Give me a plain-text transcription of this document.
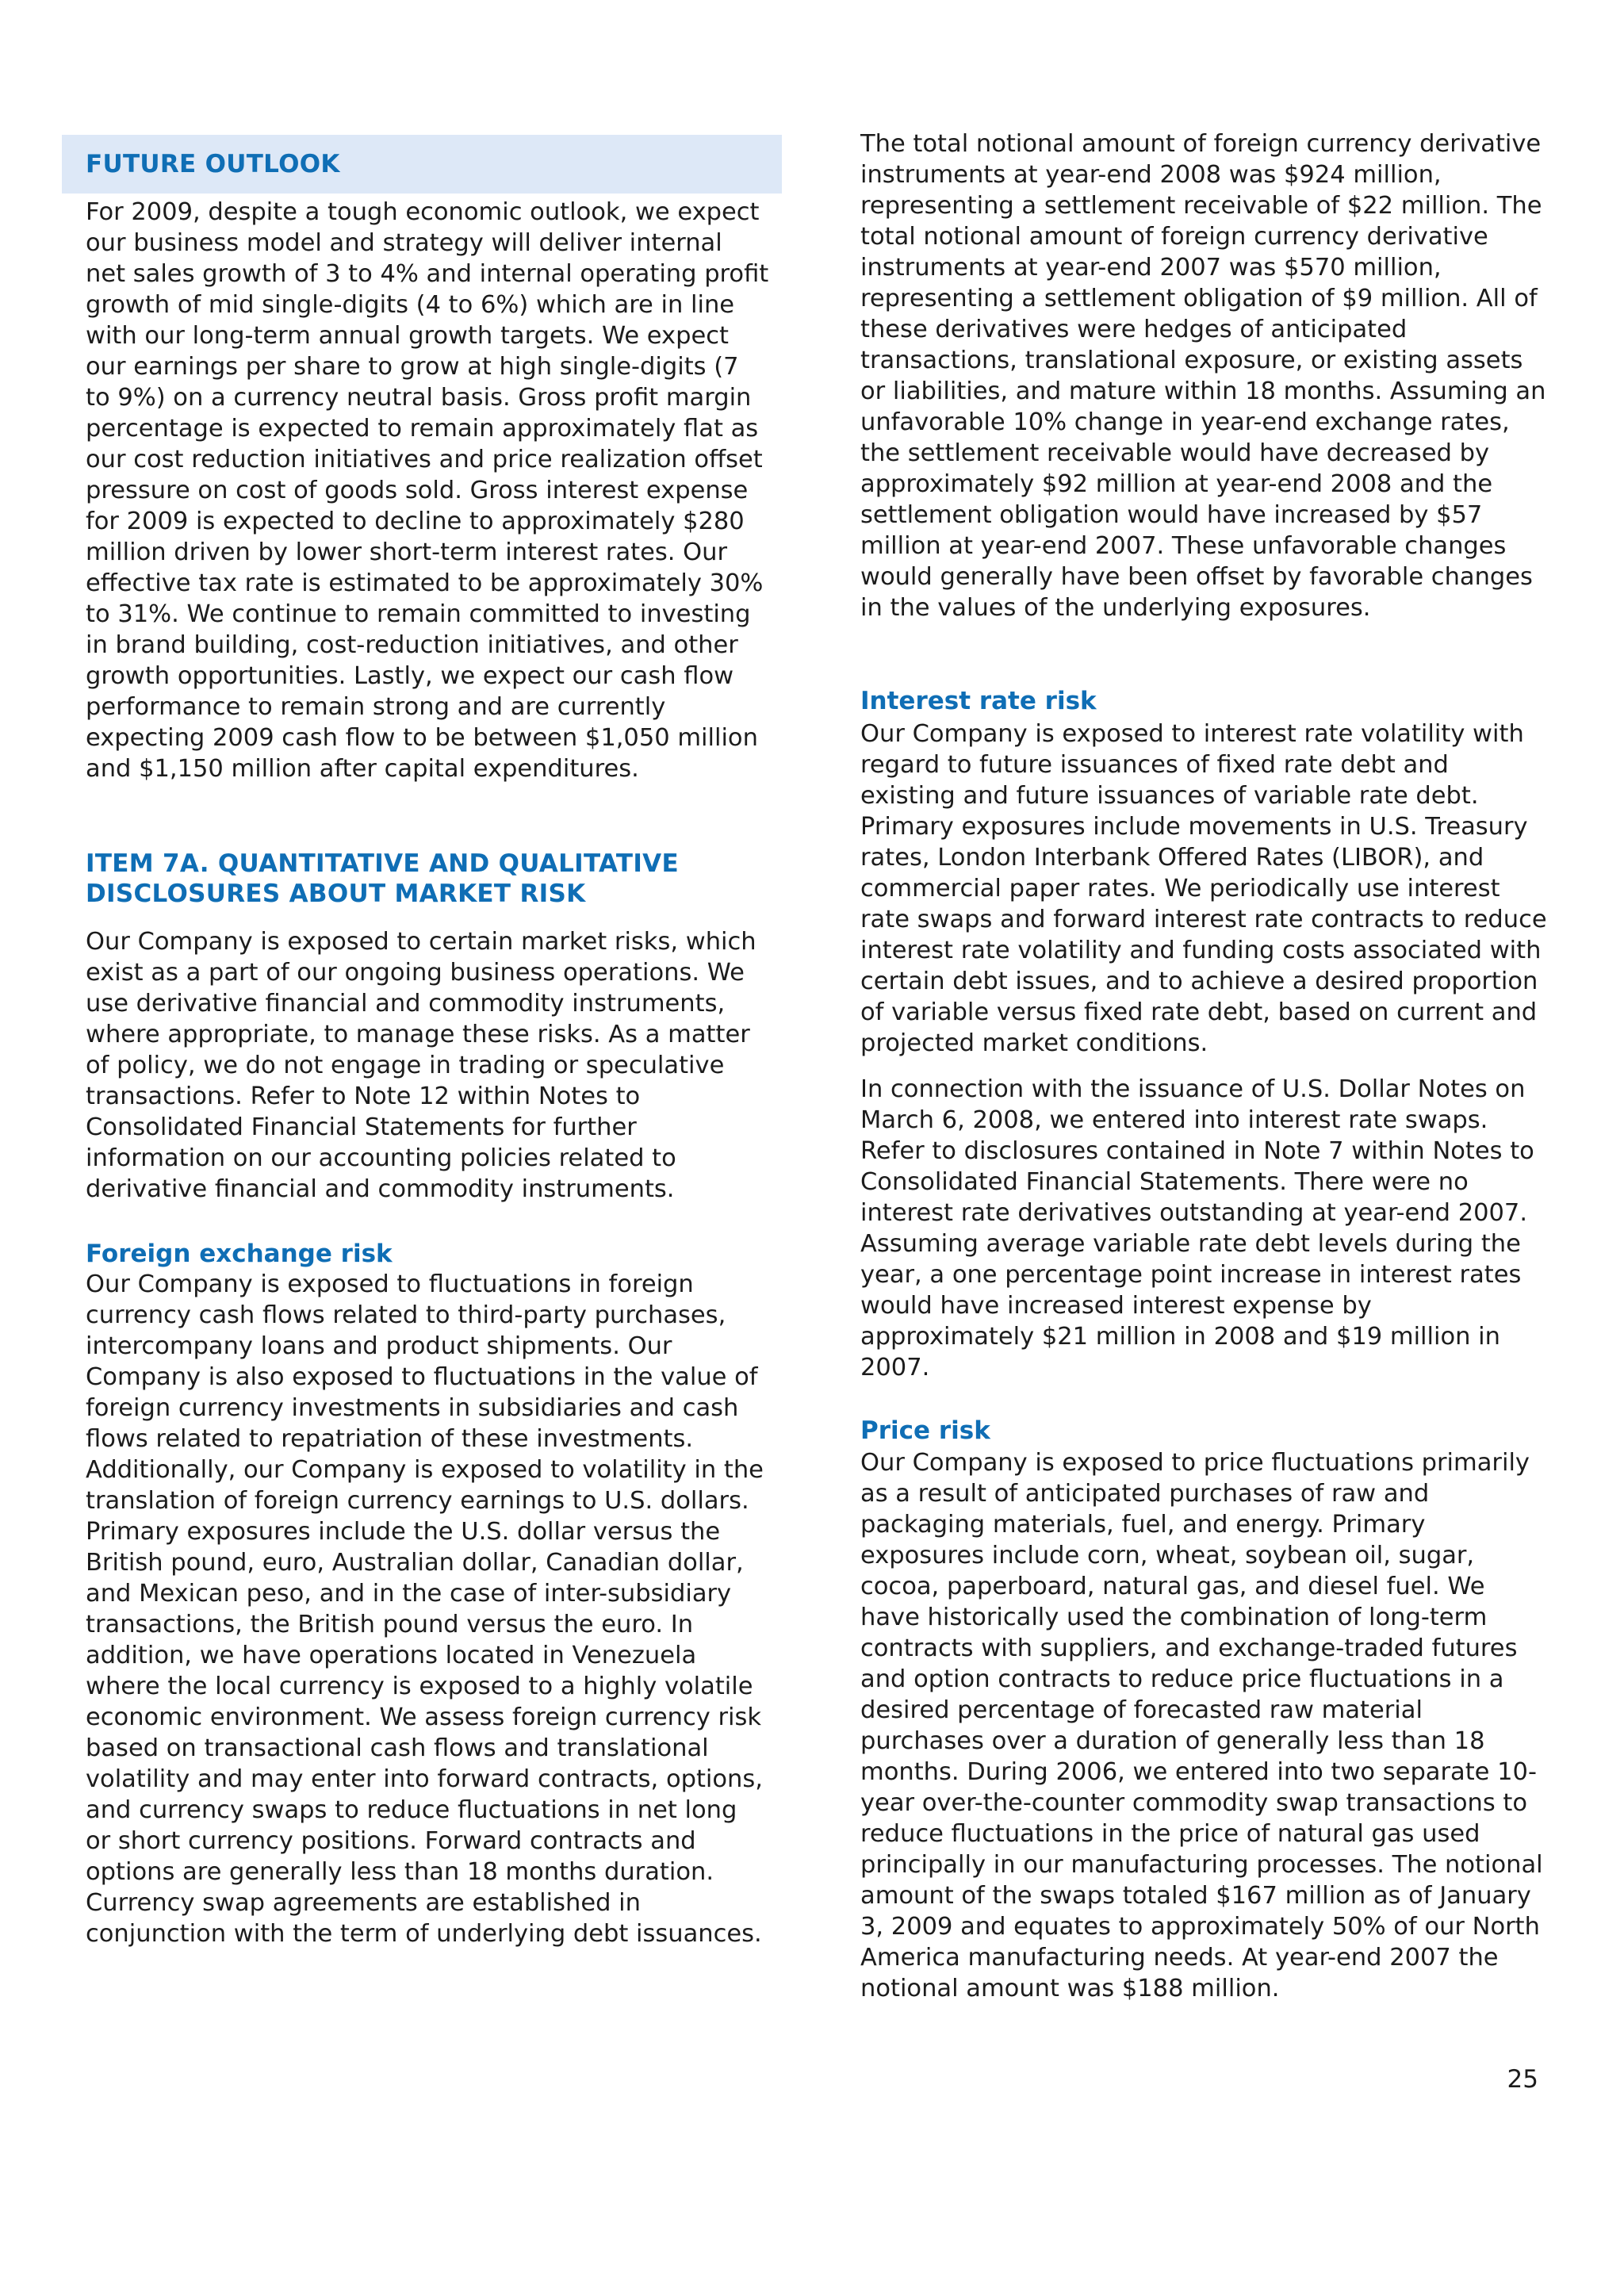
FUTURE OUTLOOK

For 2009, despite a tough economic outlook, we expect our business model and strategy will deliver internal net sales growth of 3 to 4% and internal operating profit growth of mid single-digits (4 to 6%) which are in line with our long-term annual growth targets. We expect our earnings per share to grow at high single-digits (7 to 9%) on a currency neutral basis. Gross profit margin percentage is expected to remain approximately flat as our cost reduction initiatives and price realization offset pressure on cost of goods sold. Gross interest expense for 2009 is expected to decline to approximately $280 million driven by lower short-term interest rates. Our effective tax rate is estimated to be approximately 30% to 31%. We continue to remain committed to investing in brand building, cost-reduction initiatives, and other growth opportunities. Lastly, we expect our cash flow performance to remain strong and are currently expecting 2009 cash flow to be between $1,050 million and $1,150 million after capital expenditures.

ITEM 7A. QUANTITATIVE AND QUALITATIVE
DISCLOSURES ABOUT MARKET RISK

Our Company is exposed to certain market risks, which exist as a part of our ongoing business operations. We use derivative financial and commodity instruments, where appropriate, to manage these risks. As a matter of policy, we do not engage in trading or speculative transactions. Refer to Note 12 within Notes to Consolidated Financial Statements for further information on our accounting policies related to derivative financial and commodity instruments.

Foreign exchange risk

Our Company is exposed to fluctuations in foreign currency cash flows related to third-party purchases, intercompany loans and product shipments. Our Company is also exposed to fluctuations in the value of foreign currency investments in subsidiaries and cash flows related to repatriation of these investments. Additionally, our Company is exposed to volatility in the translation of foreign currency earnings to U.S. dollars. Primary exposures include the U.S. dollar versus the British pound, euro, Australian dollar, Canadian dollar, and Mexican peso, and in the case of inter-subsidiary transactions, the British pound versus the euro. In addition, we have operations located in Venezuela where the local currency is exposed to a highly volatile economic environment. We assess foreign currency risk based on transactional cash flows and translational volatility and may enter into forward contracts, options, and currency swaps to reduce fluctuations in net long or short currency positions. Forward contracts and options are generally less than 18 months duration. Currency swap agreements are established in conjunction with the term of underlying debt issuances.

The total notional amount of foreign currency derivative instruments at year-end 2008 was $924 million, representing a settlement receivable of $22 million. The total notional amount of foreign currency derivative instruments at year-end 2007 was $570 million, representing a settlement obligation of $9 million. All of these derivatives were hedges of anticipated transactions, translational exposure, or existing assets or liabilities, and mature within 18 months. Assuming an unfavorable 10% change in year-end exchange rates, the settlement receivable would have decreased by approximately $92 million at year-end 2008 and the settlement obligation would have increased by $57 million at year-end 2007. These unfavorable changes would generally have been offset by favorable changes in the values of the underlying exposures.

Interest rate risk

Our Company is exposed to interest rate volatility with regard to future issuances of fixed rate debt and existing and future issuances of variable rate debt. Primary exposures include movements in U.S. Treasury rates, London Interbank Offered Rates (LIBOR), and commercial paper rates. We periodically use interest rate swaps and forward interest rate contracts to reduce interest rate volatility and funding costs associated with certain debt issues, and to achieve a desired proportion of variable versus fixed rate debt, based on current and projected market conditions.

In connection with the issuance of U.S. Dollar Notes on March 6, 2008, we entered into interest rate swaps. Refer to disclosures contained in Note 7 within Notes to Consolidated Financial Statements. There were no interest rate derivatives outstanding at year-end 2007. Assuming average variable rate debt levels during the year, a one percentage point increase in interest rates would have increased interest expense by approximately $21 million in 2008 and $19 million in 2007.

Price risk

Our Company is exposed to price fluctuations primarily as a result of anticipated purchases of raw and packaging materials, fuel, and energy. Primary exposures include corn, wheat, soybean oil, sugar, cocoa, paperboard, natural gas, and diesel fuel. We have historically used the combination of long-term contracts with suppliers, and exchange-traded futures and option contracts to reduce price fluctuations in a desired percentage of forecasted raw material purchases over a duration of generally less than 18 months. During 2006, we entered into two separate 10-year over-the-counter commodity swap transactions to reduce fluctuations in the price of natural gas used principally in our manufacturing processes. The notional amount of the swaps totaled $167 million as of January 3, 2009 and equates to approximately 50% of our North America manufacturing needs. At year-end 2007 the notional amount was $188 million.

25
